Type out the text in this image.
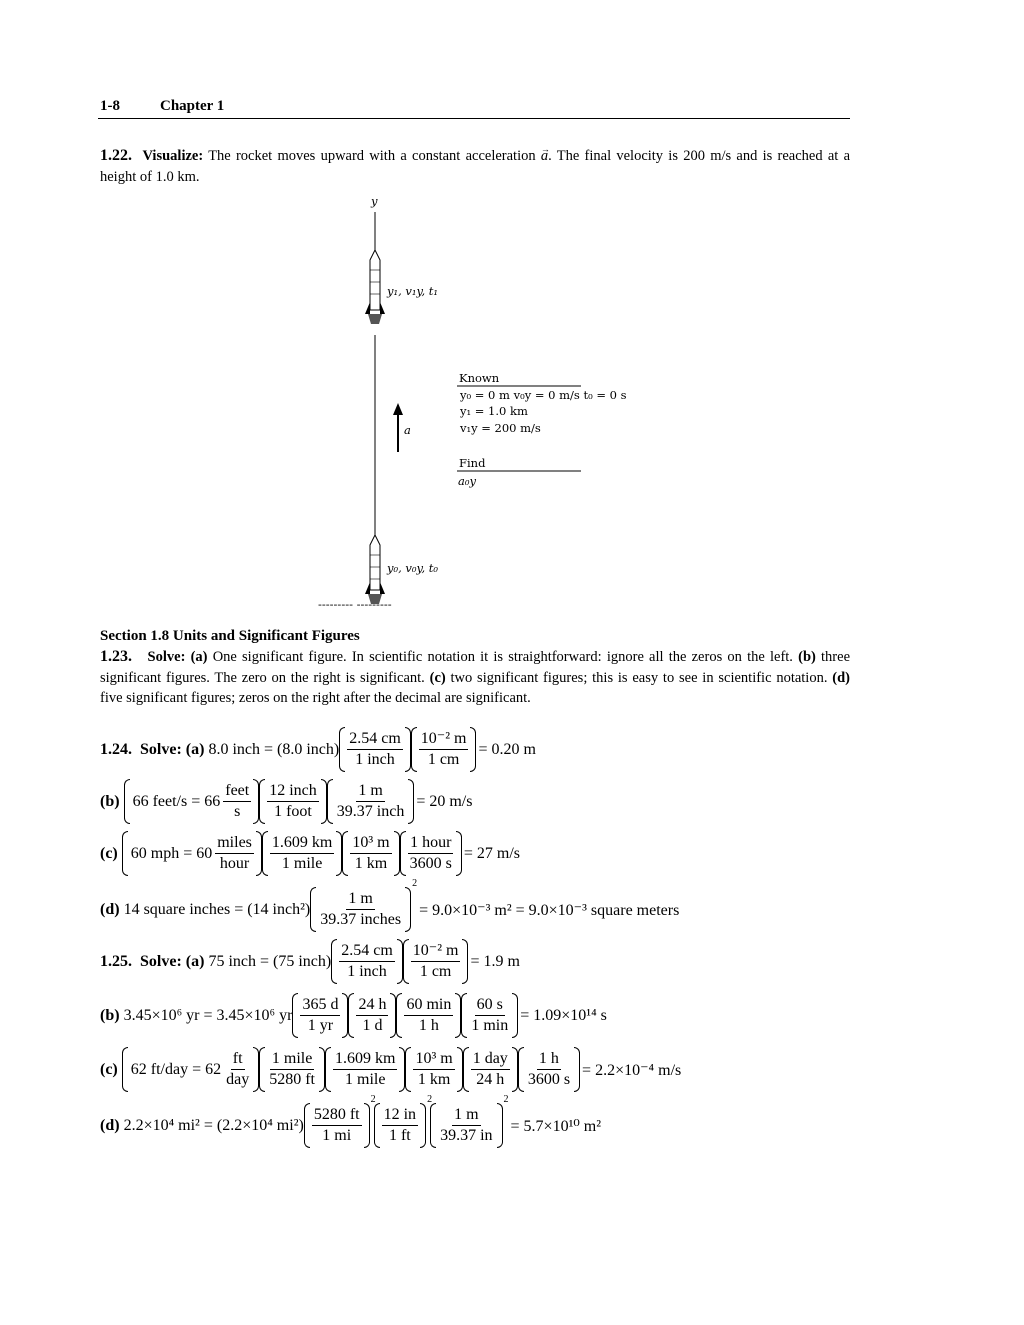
1-8	Chapter 1
1.22. Visualize: The rocket moves upward with a constant acceleration → a. The final velocity is 200 m/s and is reached at a height of 1.0 km.
y
y₁, v₁y, t₁
y₀, v₀y, t₀
--------- ---------
a
Known
y₀ = 0 m v₀y = 0 m/s t₀ = 0 s
y₁ = 1.0 km
v₁y = 200 m/s
Find
a₀y
Section 1.8 Units and Significant Figures
1.23. Solve: (a) One significant figure. In scientific notation it is straightforward: ignore all the zeros on the left. (b) three significant figures. The zero on the right is significant. (c) two significant figures; this is easy to see in scientific notation. (d) five significant figures; zeros on the right after the decimal are significant.
1.24.
Solve:
(a)
8.0 inch = (8.0 inch) $\frac{2.54 cm}{\text{1 inch}} \frac{\text{10⁻² m}}{1 cm} = 0.20$ m
(b)
66 feet/s = $66 \frac{\text{feet}}{s} \frac{\text{12 inch}}{\text{1 foot}} \frac{1 m}{\text{39.37 inch}} = 20$ m/s
(c)
60 mph = $60 \frac{\text{miles}}{\text{hour}} \frac{1.609 km}{\text{1 mile}} \frac{\text{10³ m}}{1 km} \frac{\text{1 hour}}{3600 s} = 27$ m/s
(d)
14 square inches = (14 inch²) $\frac{1 m}{\text{39.37 inches}}$
2
= 9.0×10⁻³ m² = 9.0×10⁻³ square meters
1.25.
Solve:
(a)
75 inch = (75 inch) $\frac{2.54 cm}{\text{1 inch}} \frac{\text{10⁻² m}}{1 cm} = 1.9$ m
(b)
3.45×10⁶ yr = 3.45×10⁶ yr $\frac{365 d}{1 yr} \frac{24 h}{1 d} \frac{60 \min}{1 h} \frac{60 s}{1 \min} = 1.09\times 10^{14}$ s
(c)
62 $ft/day = 62 \frac{ft}{\text{day}} \frac{\text{1 mile}}{5280 ft} \frac{1.609 km}{\text{1 mile}} \frac{\text{10³ m}}{1 km} \frac{\text{1 day}}{24 h} \frac{1 h}{3600 s} = 2.2\times 10^{-4}$ m/s
(d)
2.2×10⁴ mi² = (2.2×10⁴ $mi^2) \frac{5280 ft}{1 mi}$
2

$\frac{12 in}{1 ft}$
2

$\frac{1 m}{39.37 in}$
2
= 5.7×10¹⁰ m²
